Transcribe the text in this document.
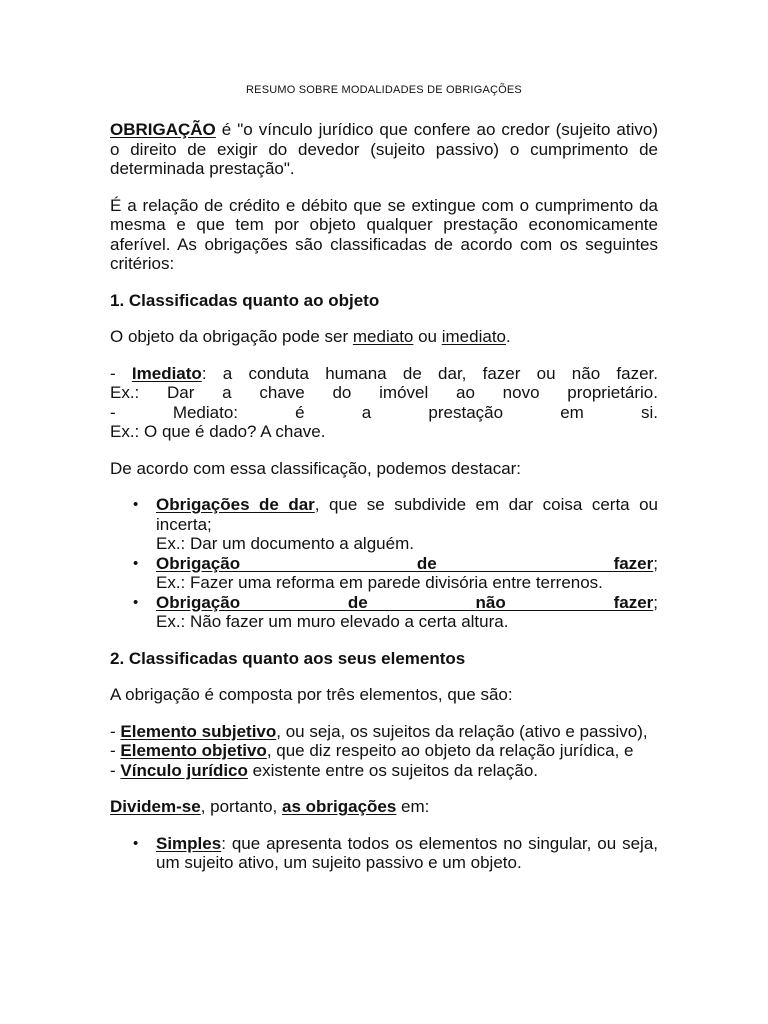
RESUMO SOBRE MODALIDADES DE OBRIGAÇÕES

OBRIGAÇÃO é "o vínculo jurídico que confere ao credor (sujeito ativo) o direito de exigir do devedor (sujeito passivo) o cumprimento de determinada prestação".

É a relação de crédito e débito que se extingue com o cumprimento da mesma e que tem por objeto qualquer prestação economicamente aferível. As obrigações são classificadas de acordo com os seguintes critérios:

1. Classificadas quanto ao objeto

O objeto da obrigação pode ser mediato ou imediato.

- Imediato: a conduta humana de dar, fazer ou não fazer.
Ex.: Dar a chave do imóvel ao novo proprietário.
- Mediato: é a prestação em si.
Ex.: O que é dado? A chave.

De acordo com essa classificação, podemos destacar:

• Obrigações de dar, que se subdivide em dar coisa certa ou incerta;
Ex.: Dar um documento a alguém.
• Obrigação de fazer;
Ex.: Fazer uma reforma em parede divisória entre terrenos.
• Obrigação de não fazer;
Ex.: Não fazer um muro elevado a certa altura.
2. Classificadas quanto aos seus elementos

A obrigação é composta por três elementos, que são:

- Elemento subjetivo, ou seja, os sujeitos da relação (ativo e passivo),
- Elemento objetivo, que diz respeito ao objeto da relação jurídica, e
- Vínculo jurídico existente entre os sujeitos da relação.

Dividem-se, portanto, as obrigações em:

• Simples: que apresenta todos os elementos no singular, ou seja, um sujeito ativo, um sujeito passivo e um objeto.
